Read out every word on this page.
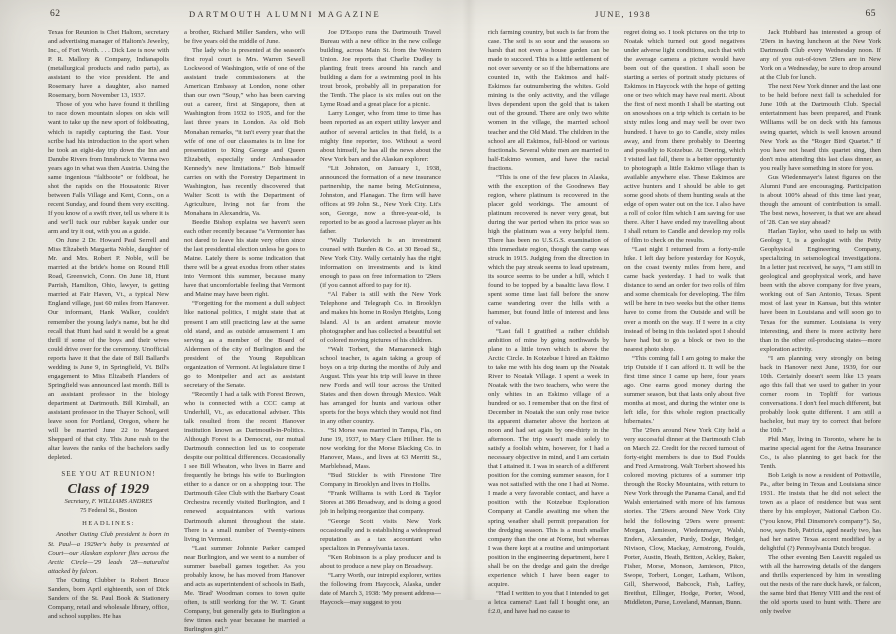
62	DARTMOUTH ALUMNI MAGAZINE	JUNE, 1938	65
Texas for Reunion is Chet Haltom, secretary and advertising manager of Haltom's Jewelry, Inc., of Fort Worth. . . . Dick Lee is now with P. R. Mallory & Company, Indianapolis (metallurgical products and radio parts), as assistant to the vice president. He and Rosemary have a daughter, also named Rosemary, born November 13, 1937.
Those of you who have found it thrilling to race down mountain slopes on skis will want to take up the new sport of foldboating, which is rapidly capturing the East. Your scribe had his introduction to the sport when he took an eight-day trip down the Inn and Danube Rivers from Innsbruck to Vienna two years ago in what was then Austria. Using the same ingenious “faltboote” or foldboat, he shot the rapids on the Housatonic River between Falls Village and Kent, Conn., on a recent Sunday, and found them very exciting. If you know of a swift river, tell us where it is and we'll tuck our rubber kayak under our arm and try it out, with you as a guide.
On June 2 Dr. Howard Paul Serrell and Miss Elizabeth Margarita Noble, daughter of Mr. and Mrs. Robert P. Noble, will be married at the bride's home on Round Hill Road, Greenwich, Conn. On June 18, Hunt Parrish, Hamilton, Ohio, lawyer, is getting married at Fair Haven, Vt., a typical New England village, just 60 miles from Hanover. Our informant, Hank Walker, couldn't remember the young lady's name, but he did recall that Hunt had said it would be a great thrill if some of the boys and their wives could drive over for the ceremony. Unofficial reports have it that the date of Bill Ballard's wedding is June 9, in Springfield, Vt. Bill's engagement to Miss Elizabeth Flanders of Springfield was announced last month. Bill is an assistant professor in the biology department at Dartmouth. Bill Kimball, an assistant professor in the Thayer School, will leave soon for Portland, Oregon, where he will be married June 22 to Margaret Sheppard of that city. This June rush to the altar leaves the ranks of the bachelors sadly depleted.
SEE YOU AT REUNION!
Class of 1929
Secretary, F. WILLIAMS ANDRES
75 Federal St., Boston
HEADLINES:
Another Outing Club president is born in St. Paul—a 1929er's baby is presented at Court—our Alaskan explorer flies across the Arctic Circle—'29 leads '28—naturalist attacked by falcon.
The Outing Clubber is Robert Bruce Sanders, born April eighteenth, son of Dick Sanders of the St. Paul Book & Stationery Company, retail and wholesale library, office, and school supplies. He has
a brother, Richard Miller Sanders, who will be five years old the middle of June.
The lady who is presented at the season's first royal court is Mrs. Warren Sewell Lockwood of Washington, wife of one of the assistant trade commissioners at the American Embassy at London, none other than our own “Soup,” who has been carving out a career, first at Singapore, then at Washington from 1932 to 1935, and for the last three years in London. As old Bob Monahan remarks, “it isn't every year that the wife of one of our classmates is in line for presentation to King George and Queen Elizabeth, especially under Ambassador Kennedy's new limitations.” Bob himself carries on with the Forestry Department in Washington, has recently discovered that Walter Scott is with the Department of Agriculture, living not far from the Monahans in Alexandria, Va.
Beedie Bishop explains we haven't seen each other recently because “a Vermonter has not dared to leave his state very often since the last presidential election unless he goes to Maine. Lately there is some indication that there will be a great exodus from other states into Vermont this summer, because many have that uncomfortable feeling that Vermont and Maine may have been right.
“Forgetting for the moment a dull subject like national politics, I might state that at present I am still practicing law at the same old stand, and as outside amusement I am serving as a member of the Board of Aldermen of the city of Burlington and the president of the Young Republican organization of Vermont. At legislature time I go to Montpelier and act as assistant secretary of the Senate.
“Recently I had a talk with Forest Brown, who is connected with a CCC camp at Underhill, Vt., as educational adviser. This talk resulted from the recent Hanover institution known as Dartmouth-in-Politics. Although Forest is a Democrat, our mutual Dartmouth connection led us to cooperate despite our political differences. Occasionally I see Bill Wheaton, who lives in Barre and frequently he brings his wife to Burlington either to a dance or on a shopping tour. The Dartmouth Glee Club with the Barbary Coast Orchestra recently visited Burlington, and I renewed acquaintances with various Dartmouth alumni throughout the state. There is a small number of Twenty-niners living in Vermont.
“Last summer Johnnie Parker camped near Burlington, and we went to a number of summer baseball games together. As you probably know, he has moved from Hanover and acts as superintendent of schools in Bath, Me. 'Brad' Woodman comes to town quite often, is still working for the W. T. Grant Company, but generally gets to Burlington a few times each year because he married a Burlington girl.”
Joe D'Esopo runs the Dartmouth Travel Bureau with a new office in the new college building, across Main St. from the Western Union. Joe reports that Charlie Dudley is planting fruit trees around his ranch and building a dam for a swimming pool in his trout brook, probably all in preparation for the Tenth. The place is six miles out on the Lyme Road and a great place for a picnic.
Larry Longer, who from time to time has been reported as an expert utility lawyer and author of several articles in that field, is a mighty fine reporter, too. Without a word about himself, he has all the news about the New York bars and the Alaskan explorer:
“Lit Johnston, on January 1, 1938, announced the formation of a new insurance partnership, the name being McGuinness, Johnston, and Flanagan. The firm will have offices at 99 John St., New York City. Lit's son, George, now a three-year-old, is reported to be as good a lacrosse player as his father.
“Wally Turkevich is an investment counsel with Burden & Co. at 30 Broad St., New York City. Wally certainly has the right information on investments and is kind enough to pass on free information to '29ers (if you cannot afford to pay for it).
“Al Faber is still with the New York Telephone and Telegraph Co. in Brooklyn and makes his home in Roslyn Heights, Long Island. Al is an ardent amateur movie photographer and has collected a beautiful set of colored moving pictures of his children.
“Walt Torbert, the Mamaroneck high school teacher, is again taking a group of boys on a trip during the months of July and August. This year his trip will leave in three new Fords and will tour across the United States and then down through Mexico. Walt has arranged for hunts and various other sports for the boys which they would not find in any other country.
“Si Morse was married in Tampa, Fla., on June 19, 1937, to Mary Clare Hillner. He is now working for the Morse Blacking Co. in Hanover, Mass., and lives at 63 Merritt St., Marblehead, Mass.
“Bud Stickler is with Firestone Tire Company in Brooklyn and lives in Hollis.
“Frank Williams is with Lord & Taylor Stores at 386 Broadway, and is doing a good job in helping reorganize that company.
“George Scott visits New York occasionally and is establishing a widespread reputation as a tax accountant who specializes in Pennsylvania taxes.
“Ken Robinson is a play producer and is about to produce a new play on Broadway.
“Larry Worth, our intrepid explorer, writes the following from Haycock, Alaska, under date of March 3, 1938: 'My present address—Haycock—may suggest to you
rich farming country, but such is far from the case. The soil is so sour and the seasons so harsh that not even a house garden can be made to succeed. This is a little settlement of not over seventy or so if the hibernations are counted in, with the Eskimos and half-Eskimos far outnumbering the whites. Gold mining is the only activity, and the village lives dependent upon the gold that is taken out of the ground. There are only two white women in the village, the married school teacher and the Old Maid. The children in the school are all Eskimos, full-blood or various fractionals. Several white men are married to half-Eskimo women, and have the racial fractions.
“This is one of the few places in Alaska, with the exception of the Goodnews Bay region, where platinum is recovered in the placer gold workings. The amount of platinum recovered is never very great, but during the war period when its price was so high the platinum was a very helpful item. There has been no U.S.G.S. examination of this immediate region, though the camp was struck in 1915. Judging from the direction in which the pay streak seems to lead upstream, its source seems to be under a hill, which I found to be topped by a basaltic lava flow. I spent some time last fall before the snow came wandering over the hills with a hammer, but found little of interest and less of value.
“Last fall I gratified a rather childish ambition of mine by going northwards by plane to a little town which is above the Arctic Circle. In Kotzebue I hired an Eskimo to take me with his dog team up the Noatak River to Noatak Village. I spent a week in Noatak with the two teachers, who were the only whites in an Eskimo village of a hundred or so. I remember that on the first of December in Noatak the sun only rose twice its apparent diameter above the horizon at noon and had set again by one-thirty in the afternoon. The trip wasn't made solely to satisfy a foolish whim, however, for I had a necessary objective in mind, and I am certain that I attained it. I was in search of a different position for the coming summer season, for I was not satisfied with the one I had at Nome. I made a very favorable contact, and have a position with the Kotzebue Exploration Company at Candle awaiting me when the spring weather shall permit preparation for the dredging season. This is a much smaller company than the one at Nome, but whereas I was there kept at a routine and unimportant position in the engineering department, here I shall be on the dredge and gain the dredge experience which I have been eager to acquire.
“Had I written to you that I intended to get a leica camera? Last fall I bought one, an f:2.0, and have had no cause to
regret doing so. I took pictures on the trip to Noatak which turned out good negatives under adverse light conditions, such that with the average camera a picture would have been out of the question. I shall soon be starting a series of portrait study pictures of Eskimos in Haycock with the hope of getting one or two which may have real merit. About the first of next month I shall be starting out on snowshoes on a trip which is certain to be sixty miles long and may well be over two hundred. I have to go to Candle, sixty miles away, and from there probably to Deering and possibly to Kotzebue. At Deering, which I visited last fall, there is a better opportunity to photograph a little Eskimo village than is available anywhere else. These Eskimos are active hunters and I should be able to get some good shots of them hunting seals at the edge of open water out on the ice. I also have a roll of color film which I am saving for use there. After I have ended my travelling about I shall return to Candle and develop my rolls of film to check on the results.
“Last night I returned from a forty-mile hike. I left day before yesterday for Koyuk, on the coast twenty miles from here, and came back yesterday. I had to walk that distance to send an order for two rolls of film and some chemicals for developing. The film will be here in two weeks but the other items have to come from the Outside and will be over a month on the way. If I were in a city instead of being in this isolated spot I should have had but to go a block or two to the nearest photo shop.
“This coming fall I am going to make the trip Outside if I can afford it. It will be the first time since I came up here, four years ago. One earns good money during the summer season, but that lasts only about five months at most, and during the winter one is left idle, for this whole region practically hibernates.'
The '29ers around New York City held a very successful dinner at the Dartmouth Club on March 22. Credit for the record turnout of forty-eight members is due to Bud Foulds and Fred Armstrong. Walt Torbert showed his colored moving pictures of a summer trip through the Rocky Mountains, with return to New York through the Panama Canal, and Ed Walsh entertained with more of his famous stories. The '29ers around New York City held the following '29ers were present: Morgan, Jamieson, Wiedenmayer, Walsh, Enders, Alexander, Purdy, Dodge, Hedger, Nivison, Clow, Mackay, Armstrong, Foulds, Porter, Austin, Heath, Britton, Ackley, Baker, Fisher, Morse, Monson, Jamieson, Pitco, Swope, Torbert, Longer, Latham, Wilson, Gill, Sherwood, Babcock, Fish, Laffey, Breithut, Ellinger, Hodge, Porter, Wood, Middleton, Purse, Loveland, Mannan, Bunn.
Jack Hubbard has interested a group of '29ers in having luncheon at the New York Dartmouth Club every Wednesday noon. If any of you out-of-town '29ers are in New York on a Wednesday, be sure to drop around at the Club for lunch.
The next New York dinner and the last one to be held before next fall is scheduled for June 10th at the Dartmouth Club. Special entertainment has been prepared, and Frank Williams will be on deck with his famous swing quartet, which is well known around New York as the “Roger Bird Quartet.” If you have not heard this quartet sing, then don't miss attending this last class dinner, as you really have something in store for you.
Gus Wiedenmayer's latest figures on the Alumni Fund are encouraging. Participation is about 100% ahead of this time last year, though the amount of contribution is small. The best news, however, is that we are ahead of '28. Can we stay ahead?
Harlan Taylor, who used to help us with Geology I, is a geologist with the Petty Geophysical Engineering Company, specializing in seismological investigations. In a letter just received, he says, “I am still in geological and geophysical work, and have been with the above company for five years, working out of San Antonio, Texas. Spent most of last year in Kansas, but this winter have been in Louisiana and will soon go to Texas for the summer. Louisiana is very interesting, and there is more activity here than in the other oil-producing states—more exploration activity.
“I am planning very strongly on being back in Hanover next June, 1939, for our 10th. Certainly doesn't seem like 13 years ago this fall that we used to gather in your corner room in Topliff for various conversations. I don't feel much different, but probably look quite different. I am still a bachelor, but may try to correct that before the 10th.”
Phil May, living in Toronto, where he is marine special agent for the Aetna Insurance Co., is also planning to get back for the Tenth.
Bob Leigh is now a resident of Pottsville, Pa., after being in Texas and Louisiana since 1931. He insists that he did not select the town as a place of residence but was sent there by his employer, National Carbon Co. (“you know, Phil Dinsmore's company”). So, now, says Bob, Patricia, aged nearly two, has had her native Texas accent modified by a delightful (?) Pennsylvania Dutch brogue.
The other evening Ben Leavitt regaled us with all the harrowing details of the dangers and thrills experienced by him in wrestling out the nests of the rare duck hawk, or falcon, the same bird that Henry VIII and the rest of the old sports used to hunt with. There are only twelve
